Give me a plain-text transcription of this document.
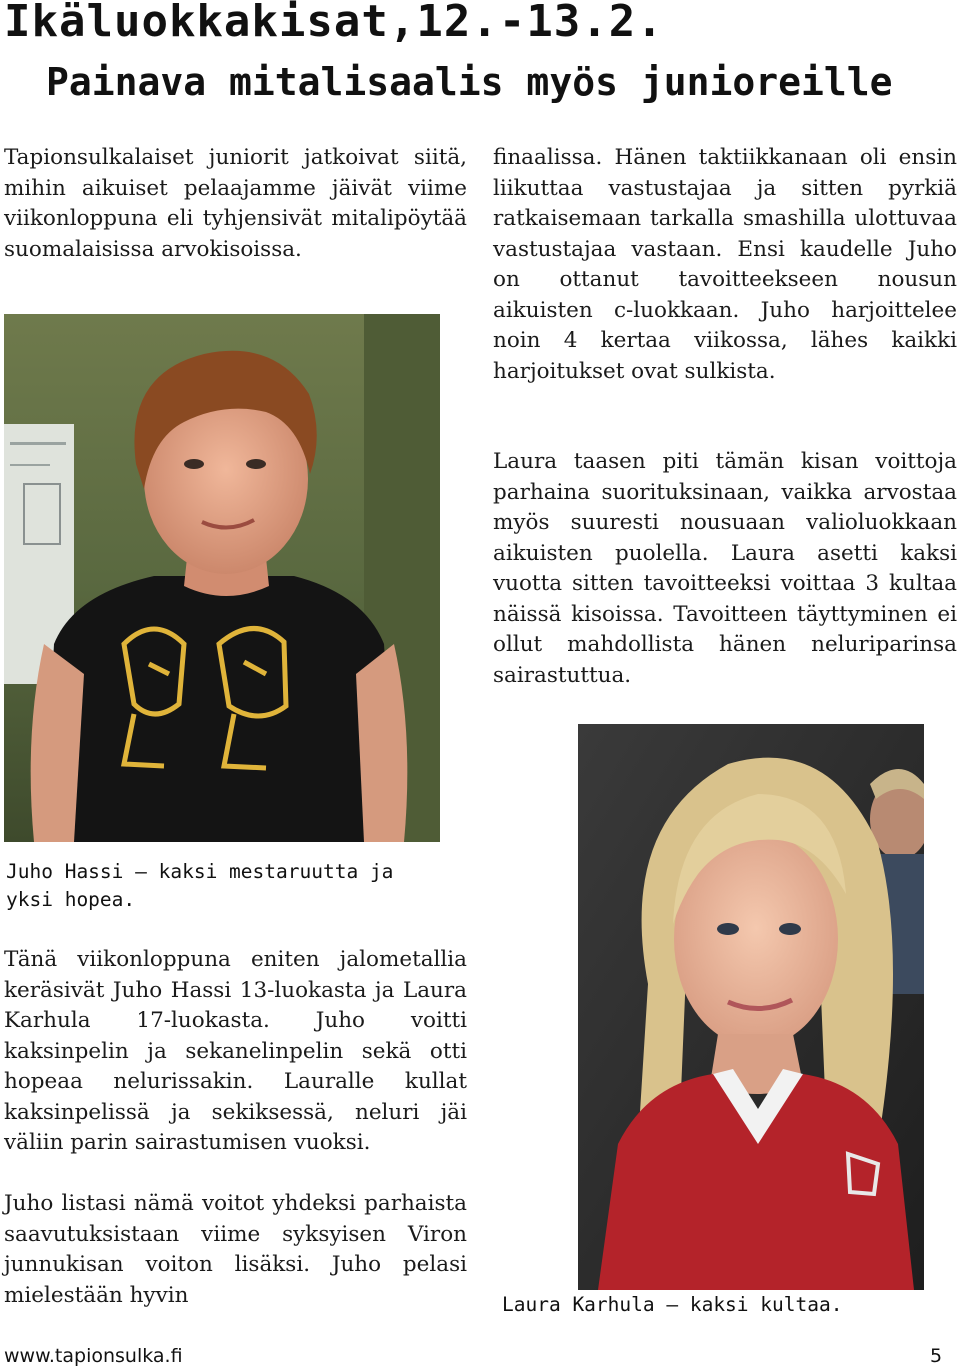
Ikäluokkakisat,12.-13.2.
Painava mitalisaalis myös junioreille

Tapionsulkalaiset juniorit jatkoivat siitä, mihin aikuiset pelaajamme jäivät viime viikonloppuna eli tyhjensivät mitalipöytää suomalaisissa arvokisoissa.

Juho Hassi – kaksi mestaruutta ja yksi hopea.

Tänä viikonloppuna eniten jalometallia keräsivät Juho Hassi 13-luokasta ja Laura Karhula 17-luokasta. Juho voitti kaksinpelin ja sekanelinpelin sekä otti hopeaa nelurissakin. Lauralle kullat kaksinpelissä ja sekiksessä, neluri jäi väliin parin sairastumisen vuoksi.

Juho listasi nämä voitot yhdeksi parhaista saavutuksistaan viime syksyisen Viron junnukisan voiton lisäksi. Juho pelasi mielestään hyvin

finaalissa. Hänen taktiikkanaan oli ensin liikuttaa vastustajaa ja sitten pyrkiä ratkaisemaan tarkalla smashilla ulottuvaa vastustajaa vastaan. Ensi kaudelle Juho on ottanut tavoitteekseen nousun aikuisten c-luokkaan. Juho harjoittelee noin 4 kertaa viikossa, lähes kaikki harjoitukset ovat sulkista.

Laura taasen piti tämän kisan voittoja parhaina suorituksinaan, vaikka arvostaa myös suuresti nousuaan valioluokkaan aikuisten puolella. Laura asetti kaksi vuotta sitten tavoitteeksi voittaa 3 kultaa näissä kisoissa. Tavoitteen täyttyminen ei ollut mahdollista hänen neluriparinsa sairastuttua.

Laura Karhula – kaksi kultaa.

www.tapionsulka.fi	5
